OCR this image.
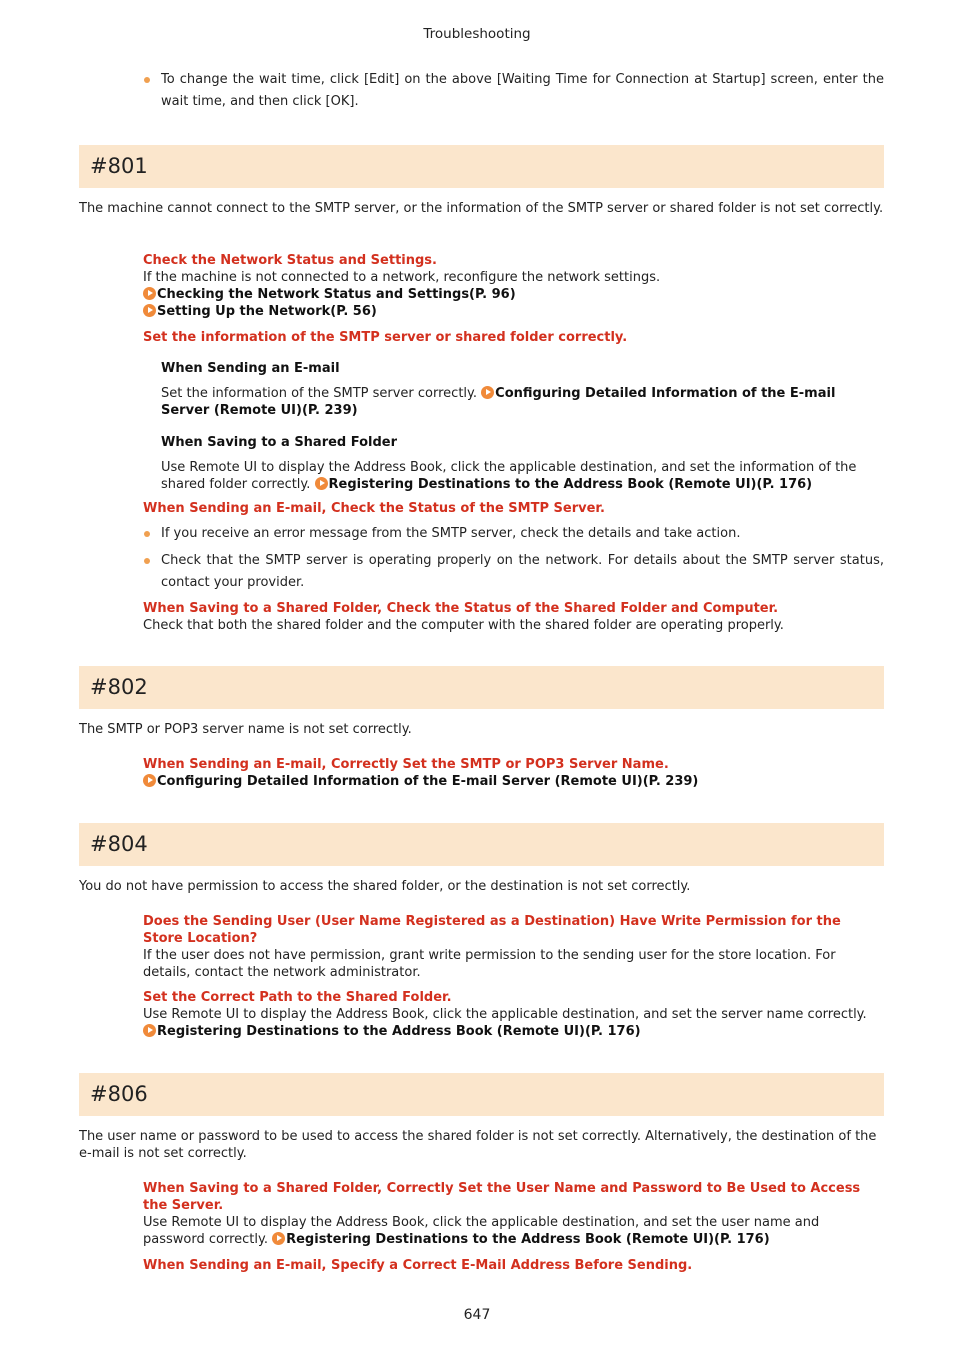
Troubleshooting
To change the wait time, click [Edit] on the above [Waiting Time for Connection at Startup] screen, enter the wait time, and then click [OK].
#801
The machine cannot connect to the SMTP server, or the information of the SMTP server or shared folder is not set correctly.
Check the Network Status and Settings.
If the machine is not connected to a network, reconfigure the network settings.
Checking the Network Status and Settings(P. 96)
Setting Up the Network(P. 56)
Set the information of the SMTP server or shared folder correctly.
When Sending an E-mail
Set the information of the SMTP server correctly. Configuring Detailed Information of the E-mail Server (Remote UI)(P. 239)
When Saving to a Shared Folder
Use Remote UI to display the Address Book, click the applicable destination, and set the information of the shared folder correctly. Registering Destinations to the Address Book (Remote UI)(P. 176)
When Sending an E-mail, Check the Status of the SMTP Server.
If you receive an error message from the SMTP server, check the details and take action.
Check that the SMTP server is operating properly on the network. For details about the SMTP server status, contact your provider.
When Saving to a Shared Folder, Check the Status of the Shared Folder and Computer.
Check that both the shared folder and the computer with the shared folder are operating properly.
#802
The SMTP or POP3 server name is not set correctly.
When Sending an E-mail, Correctly Set the SMTP or POP3 Server Name.
Configuring Detailed Information of the E-mail Server (Remote UI)(P. 239)
#804
You do not have permission to access the shared folder, or the destination is not set correctly.
Does the Sending User (User Name Registered as a Destination) Have Write Permission for the Store Location?
If the user does not have permission, grant write permission to the sending user for the store location. For details, contact the network administrator.
Set the Correct Path to the Shared Folder.
Use Remote UI to display the Address Book, click the applicable destination, and set the server name correctly. Registering Destinations to the Address Book (Remote UI)(P. 176)
#806
The user name or password to be used to access the shared folder is not set correctly. Alternatively, the destination of the e-mail is not set correctly.
When Saving to a Shared Folder, Correctly Set the User Name and Password to Be Used to Access the Server.
Use Remote UI to display the Address Book, click the applicable destination, and set the user name and password correctly. Registering Destinations to the Address Book (Remote UI)(P. 176)
When Sending an E-mail, Specify a Correct E-Mail Address Before Sending.
647
